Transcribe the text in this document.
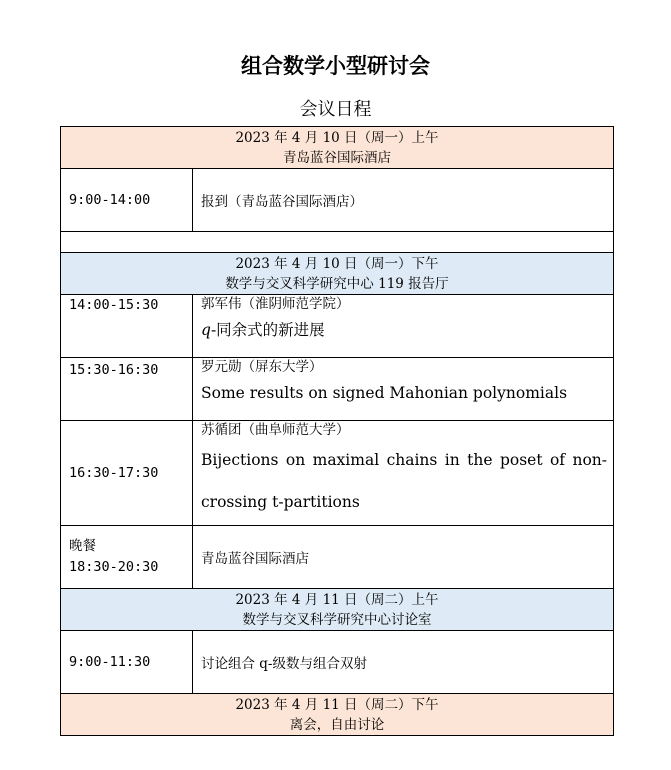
组合数学小型研讨会
会议日程
2023 年 4 月 10 日（周一）上午
青岛蓝谷国际酒店	

9:00-14:00	报到（青岛蓝谷国际酒店）

2023 年 4 月 10 日（周一）下午
数学与交叉科学研究中心 119 报告厅	

14:00-15:30	郭军伟（淮阴师范学院）
q-同余式的新进展

15:30-16:30	罗元勋（屏东大学）
Some results on signed Mahonian polynomials

16:30-17:30	苏循团（曲阜师范大学）
Bijections on maximal chains in the poset of non-
crossing t-partitions

晚餐
18:30-20:30	青岛蓝谷国际酒店

2023 年 4 月 11 日（周二）上午
数学与交叉科学研究中心讨论室	

9:00-11:30	讨论组合 q-级数与组合双射

2023 年 4 月 11 日（周二）下午
离会，自由讨论	
